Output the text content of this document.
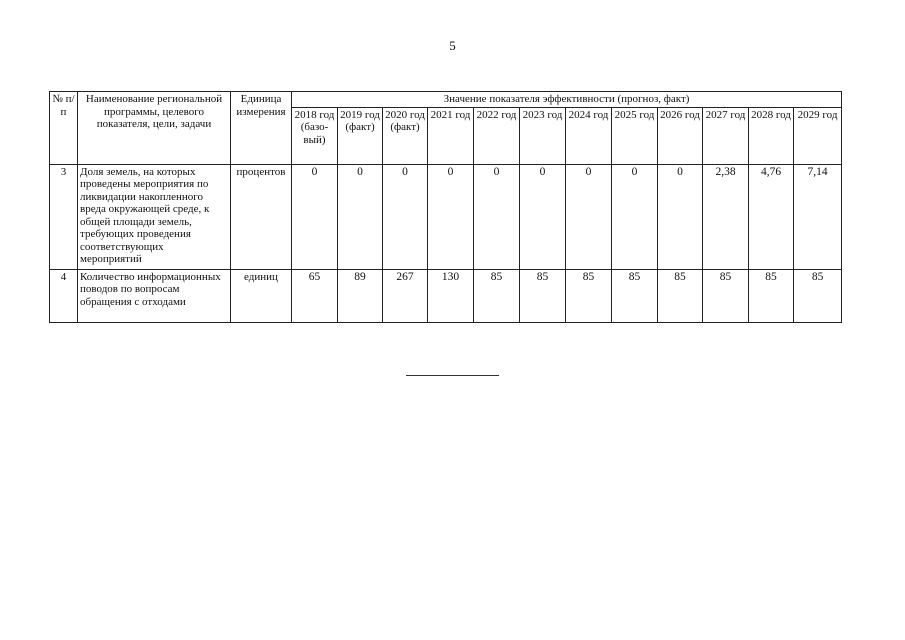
5
№ п/п	Наименование региональной программы, целевого показателя, цели, задачи	Единица измерения	Значение показателя эффективности (прогноз, факт)											
			2018 год (базо-вый)	2019 год (факт)	2020 год (факт)	2021 год	2022 год	2023 год	2024 год	2025 год	2026 год	2027 год	2028 год	2029 год
3	Доля земель, на которых проведены мероприятия по ликвидации накопленного вреда окружающей среде, к общей площади земель, требующих проведения соответствующих мероприятий	процентов	0	0	0	0	0	0	0	0	0	2,38	4,76	7,14
4	Количество информационных поводов по вопросам обращения с отходами	единиц	65	89	267	130	85	85	85	85	85	85	85	85
